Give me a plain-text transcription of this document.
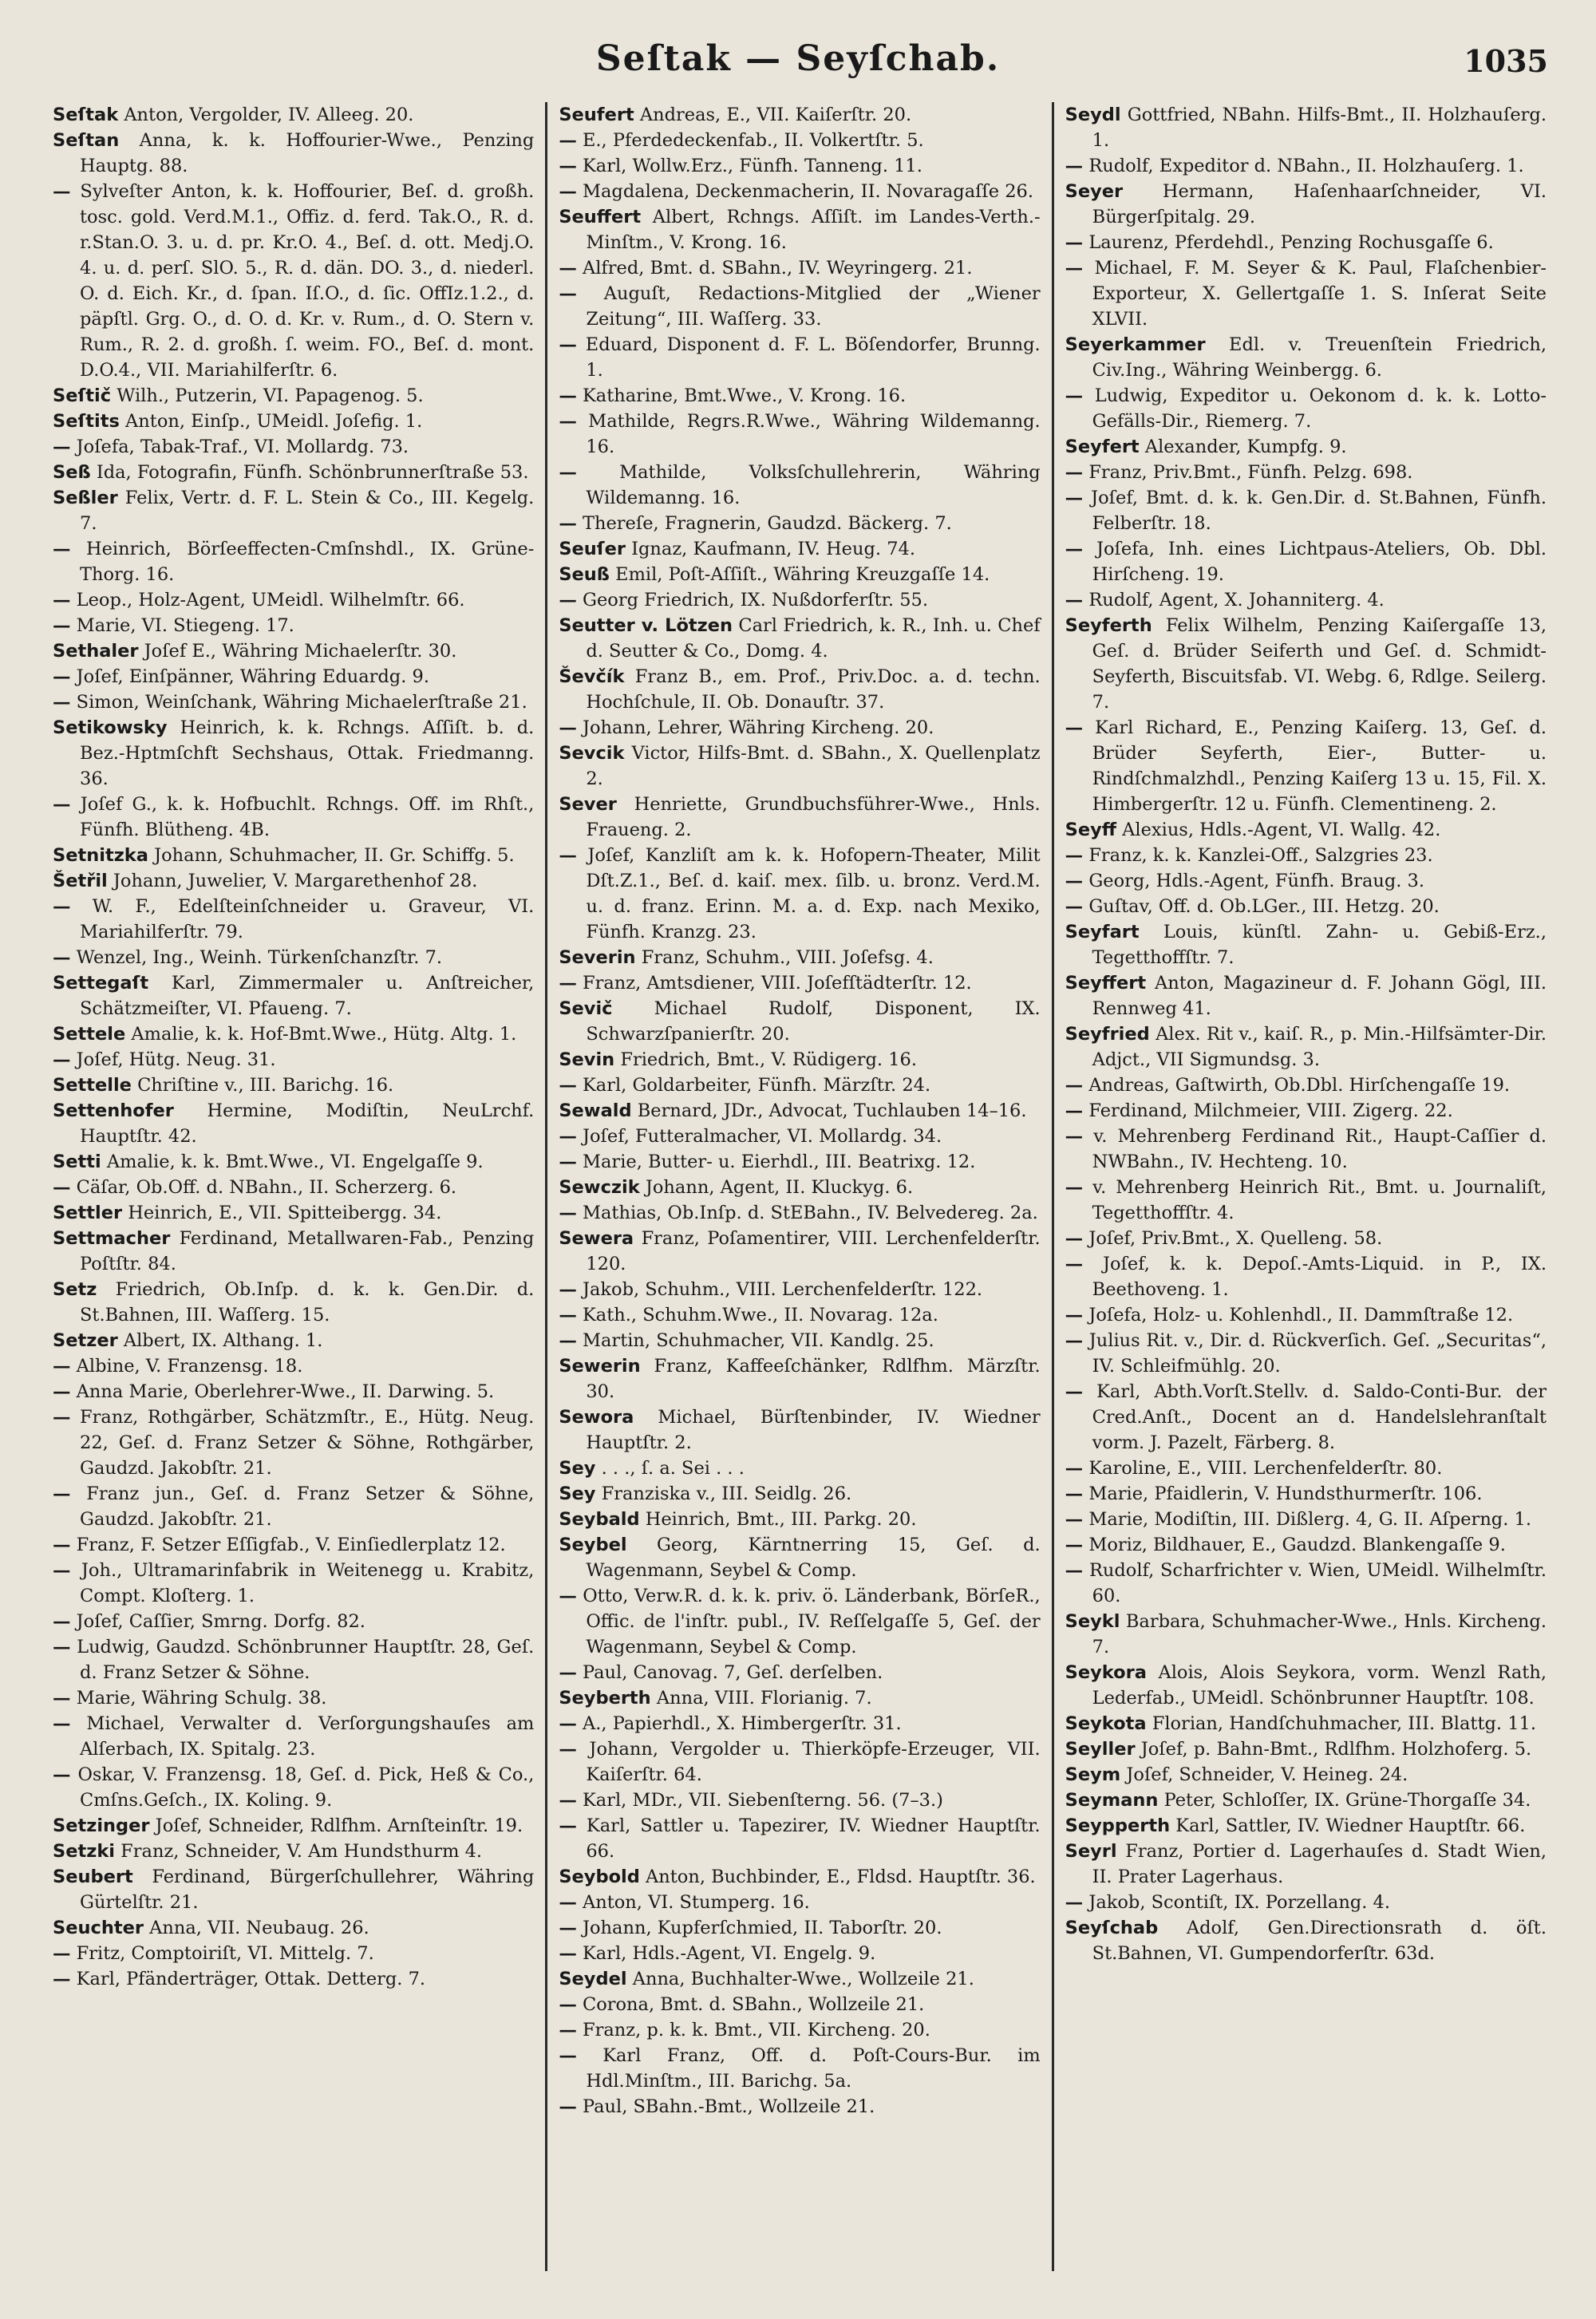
Seſtak — Seyſchab.	1035

Seſtak Anton, Vergolder, IV. Alleeg. 20.

Seſtan Anna, k. k. Hoffourier-Wwe., Penzing Hauptg. 88.

— Sylveſter Anton, k. k. Hoffourier, Beſ. d. großh. tosc. gold. Verd.M.1., Offiz. d. ferd. Tak.O., R. d. r.Stan.O. 3. u. d. pr. Kr.O. 4., Beſ. d. ott. Medj.O. 4. u. d. perſ. SlO. 5., R. d. dän. DO. 3., d. niederl. O. d. Eich. Kr., d. ſpan. Iſ.O., d. ſic. OffIz.1.2., d. päpſtl. Grg. O., d. O. d. Kr. v. Rum., d. O. Stern v. Rum., R. 2. d. großh. ſ. weim. FO., Beſ. d. mont. D.O.4., VII. Mariahilferſtr. 6.

Seſtič Wilh., Putzerin, VI. Papagenog. 5.

Seſtits Anton, Einſp., UMeidl. Joſefig. 1.

— Joſefa, Tabak-Traf., VI. Mollardg. 73.

Seß Ida, Fotografin, Fünfh. Schönbrunnerſtraße 53.

Seßler Felix, Vertr. d. F. L. Stein & Co., III. Kegelg. 7.

— Heinrich, Börſeeffecten-Cmſnshdl., IX. Grüne-Thorg. 16.

— Leop., Holz-Agent, UMeidl. Wilhelmſtr. 66.

— Marie, VI. Stiegeng. 17.

Sethaler Joſef E., Währing Michaelerſtr. 30.

— Joſef, Einſpänner, Währing Eduardg. 9.

— Simon, Weinſchank, Währing Michaelerſtraße 21.

Setikowsky Heinrich, k. k. Rchngs. Aſſiſt. b. d. Bez.-Hptmſchft Sechshaus, Ottak. Friedmanng. 36.

— Joſef G., k. k. Hofbuchlt. Rchngs. Off. im Rhſt., Fünfh. Blütheng. 4B.

Setnitzka Johann, Schuhmacher, II. Gr. Schiffg. 5.

Šetřil Johann, Juwelier, V. Margarethenhof 28.

— W. F., Edelſteinſchneider u. Graveur, VI. Mariahilferſtr. 79.

— Wenzel, Ing., Weinh. Türkenſchanzſtr. 7.

Settegaſt Karl, Zimmermaler u. Anſtreicher, Schätzmeiſter, VI. Pfaueng. 7.

Settele Amalie, k. k. Hof-Bmt.Wwe., Hütg. Altg. 1.

— Joſef, Hütg. Neug. 31.

Settelle Chriſtine v., III. Barichg. 16.

Settenhofer Hermine, Modiſtin, NeuLrchf. Hauptſtr. 42.

Setti Amalie, k. k. Bmt.Wwe., VI. Engelgaſſe 9.

— Cäſar, Ob.Off. d. NBahn., II. Scherzerg. 6.

Settler Heinrich, E., VII. Spitteibergg. 34.

Settmacher Ferdinand, Metallwaren-Fab., Penzing Poſtſtr. 84.

Setz Friedrich, Ob.Inſp. d. k. k. Gen.Dir. d. St.Bahnen, III. Waſſerg. 15.

Setzer Albert, IX. Althang. 1.

— Albine, V. Franzensg. 18.

— Anna Marie, Oberlehrer-Wwe., II. Darwing. 5.

— Franz, Rothgärber, Schätzmſtr., E., Hütg. Neug. 22, Geſ. d. Franz Setzer & Söhne, Rothgärber, Gaudzd. Jakobſtr. 21.

— Franz jun., Geſ. d. Franz Setzer & Söhne, Gaudzd. Jakobſtr. 21.

— Franz, F. Setzer Eſſigfab., V. Einſiedlerplatz 12.

— Joh., Ultramarinfabrik in Weitenegg u. Krabitz, Compt. Kloſterg. 1.

— Joſef, Caſſier, Smrng. Dorfg. 82.

— Ludwig, Gaudzd. Schönbrunner Hauptſtr. 28, Geſ. d. Franz Setzer & Söhne.

— Marie, Währing Schulg. 38.

— Michael, Verwalter d. Verſorgungshauſes am Alſerbach, IX. Spitalg. 23.

— Oskar, V. Franzensg. 18, Geſ. d. Pick, Heß & Co., Cmſns.Geſch., IX. Koling. 9.

Setzinger Joſef, Schneider, Rdlfhm. Arnſteinſtr. 19.

Setzki Franz, Schneider, V. Am Hundsthurm 4.

Seubert Ferdinand, Bürgerſchullehrer, Währing Gürtelſtr. 21.

Seuchter Anna, VII. Neubaug. 26.

— Fritz, Comptoiriſt, VI. Mittelg. 7.

— Karl, Pfänderträger, Ottak. Detterg. 7.

Seufert Andreas, E., VII. Kaiſerſtr. 20.

— E., Pferdedeckenfab., II. Volkertſtr. 5.

— Karl, Wollw.Erz., Fünfh. Tanneng. 11.

— Magdalena, Deckenmacherin, II. Novaragaſſe 26.

Seuffert Albert, Rchngs. Aſſiſt. im Landes-Verth.-Minſtm., V. Krong. 16.

— Alfred, Bmt. d. SBahn., IV. Weyringerg. 21.

— Auguſt, Redactions-Mitglied der „Wiener Zeitung“, III. Waſſerg. 33.

— Eduard, Disponent d. F. L. Böſendorfer, Brunng. 1.

— Katharine, Bmt.Wwe., V. Krong. 16.

— Mathilde, Regrs.R.Wwe., Währing Wildemanng. 16.

— Mathilde, Volksſchullehrerin, Währing Wildemanng. 16.

— Thereſe, Fragnerin, Gaudzd. Bäckerg. 7.

Seuſer Ignaz, Kaufmann, IV. Heug. 74.

Seuß Emil, Poſt-Aſſiſt., Währing Kreuzgaſſe 14.

— Georg Friedrich, IX. Nußdorferſtr. 55.

Seutter v. Lötzen Carl Friedrich, k. R., Inh. u. Chef d. Seutter & Co., Domg. 4.

Ševčík Franz B., em. Prof., Priv.Doc. a. d. techn. Hochſchule, II. Ob. Donauſtr. 37.

— Johann, Lehrer, Währing Kircheng. 20.

Sevcik Victor, Hilfs-Bmt. d. SBahn., X. Quellenplatz 2.

Sever Henriette, Grundbuchsführer-Wwe., Hnls. Fraueng. 2.

— Joſef, Kanzliſt am k. k. Hofopern-Theater, Milit Dſt.Z.1., Beſ. d. kaiſ. mex. ſilb. u. bronz. Verd.M. u. d. franz. Erinn. M. a. d. Exp. nach Mexiko, Fünfh. Kranzg. 23.

Severin Franz, Schuhm., VIII. Joſefsg. 4.

— Franz, Amtsdiener, VIII. Joſefſtädterſtr. 12.

Sevič Michael Rudolf, Disponent, IX. Schwarzſpanierſtr. 20.

Sevin Friedrich, Bmt., V. Rüdigerg. 16.

— Karl, Goldarbeiter, Fünfh. Märzſtr. 24.

Sewald Bernard, JDr., Advocat, Tuchlauben 14–16.

— Joſef, Futteralmacher, VI. Mollardg. 34.

— Marie, Butter- u. Eierhdl., III. Beatrixg. 12.

Sewczik Johann, Agent, II. Kluckyg. 6.

— Mathias, Ob.Inſp. d. StEBahn., IV. Belvedereg. 2a.

Sewera Franz, Poſamentirer, VIII. Lerchenfelderſtr. 120.

— Jakob, Schuhm., VIII. Lerchenfelderſtr. 122.

— Kath., Schuhm.Wwe., II. Novarag. 12a.

— Martin, Schuhmacher, VII. Kandlg. 25.

Sewerin Franz, Kaffeeſchänker, Rdlfhm. Märzſtr. 30.

Sewora Michael, Bürſtenbinder, IV. Wiedner Hauptſtr. 2.

Sey . . ., ſ. a. Sei . . .

Sey Franziska v., III. Seidlg. 26.

Seybald Heinrich, Bmt., III. Parkg. 20.

Seybel Georg, Kärntnerring 15, Geſ. d. Wagenmann, Seybel & Comp.

— Otto, Verw.R. d. k. k. priv. ö. Länderbank, BörſeR., Offic. de l'inſtr. publ., IV. Reſſelgaſſe 5, Geſ. der Wagenmann, Seybel & Comp.

— Paul, Canovag. 7, Geſ. derſelben.

Seyberth Anna, VIII. Florianig. 7.

— A., Papierhdl., X. Himbergerſtr. 31.

— Johann, Vergolder u. Thierköpfe-Erzeuger, VII. Kaiſerſtr. 64.

— Karl, MDr., VII. Siebenſterng. 56. (7–3.)

— Karl, Sattler u. Tapezirer, IV. Wiedner Hauptſtr. 66.

Seybold Anton, Buchbinder, E., Fldsd. Hauptſtr. 36.

— Anton, VI. Stumperg. 16.

— Johann, Kupferſchmied, II. Taborſtr. 20.

— Karl, Hdls.-Agent, VI. Engelg. 9.

Seydel Anna, Buchhalter-Wwe., Wollzeile 21.

— Corona, Bmt. d. SBahn., Wollzeile 21.

— Franz, p. k. k. Bmt., VII. Kircheng. 20.

— Karl Franz, Off. d. Poſt-Cours-Bur. im Hdl.Minſtm., III. Barichg. 5a.

— Paul, SBahn.-Bmt., Wollzeile 21.

Seydl Gottfried, NBahn. Hilfs-Bmt., II. Holzhauſerg. 1.

— Rudolf, Expeditor d. NBahn., II. Holzhauſerg. 1.

Seyer Hermann, Haſenhaarſchneider, VI. Bürgerſpitalg. 29.

— Laurenz, Pferdehdl., Penzing Rochusgaſſe 6.

— Michael, F. M. Seyer & K. Paul, Flaſchenbier-Exporteur, X. Gellertgaſſe 1. S. Inſerat Seite XLVII.

Seyerkammer Edl. v. Treuenſtein Friedrich, Civ.Ing., Währing Weinbergg. 6.

— Ludwig, Expeditor u. Oekonom d. k. k. Lotto-Gefälls-Dir., Riemerg. 7.

Seyfert Alexander, Kumpfg. 9.

— Franz, Priv.Bmt., Fünfh. Pelzg. 698.

— Joſef, Bmt. d. k. k. Gen.Dir. d. St.Bahnen, Fünfh. Felberſtr. 18.

— Joſefa, Inh. eines Lichtpaus-Ateliers, Ob. Dbl. Hirſcheng. 19.

— Rudolf, Agent, X. Johanniterg. 4.

Seyferth Felix Wilhelm, Penzing Kaiſergaſſe 13, Geſ. d. Brüder Seiferth und Geſ. d. Schmidt-Seyferth, Biscuitsfab. VI. Webg. 6, Rdlge. Seilerg. 7.

— Karl Richard, E., Penzing Kaiſerg. 13, Geſ. d. Brüder Seyferth, Eier-, Butter- u. Rindſchmalzhdl., Penzing Kaiſerg 13 u. 15, Fil. X. Himbergerſtr. 12 u. Fünfh. Clementineng. 2.

Seyff Alexius, Hdls.-Agent, VI. Wallg. 42.

— Franz, k. k. Kanzlei-Off., Salzgries 23.

— Georg, Hdls.-Agent, Fünfh. Braug. 3.

— Guſtav, Off. d. Ob.LGer., III. Hetzg. 20.

Seyfart Louis, künſtl. Zahn- u. Gebiß-Erz., Tegetthoffſtr. 7.

Seyffert Anton, Magazineur d. F. Johann Gögl, III. Rennweg 41.

Seyfried Alex. Rit v., kaiſ. R., p. Min.-Hilfsämter-Dir. Adjct., VII Sigmundsg. 3.

— Andreas, Gaſtwirth, Ob.Dbl. Hirſchengaſſe 19.

— Ferdinand, Milchmeier, VIII. Zigerg. 22.

— v. Mehrenberg Ferdinand Rit., Haupt-Caſſier d. NWBahn., IV. Hechteng. 10.

— v. Mehrenberg Heinrich Rit., Bmt. u. Journaliſt, Tegetthoffſtr. 4.

— Joſef, Priv.Bmt., X. Quelleng. 58.

— Joſef, k. k. Depoſ.-Amts-Liquid. in P., IX. Beethoveng. 1.

— Joſefa, Holz- u. Kohlenhdl., II. Dammſtraße 12.

— Julius Rit. v., Dir. d. Rückverſich. Geſ. „Securitas“, IV. Schleifmühlg. 20.

— Karl, Abth.Vorſt.Stellv. d. Saldo-Conti-Bur. der Cred.Anſt., Docent an d. Handelslehranſtalt vorm. J. Pazelt, Färberg. 8.

— Karoline, E., VIII. Lerchenfelderſtr. 80.

— Marie, Pfaidlerin, V. Hundsthurmerſtr. 106.

— Marie, Modiſtin, III. Dißlerg. 4, G. II. Aſperng. 1.

— Moriz, Bildhauer, E., Gaudzd. Blankengaſſe 9.

— Rudolf, Scharfrichter v. Wien, UMeidl. Wilhelmſtr. 60.

Seykl Barbara, Schuhmacher-Wwe., Hnls. Kircheng. 7.

Seykora Alois, Alois Seykora, vorm. Wenzl Rath, Lederfab., UMeidl. Schönbrunner Hauptſtr. 108.

Seykota Florian, Handſchuhmacher, III. Blattg. 11.

Seyller Joſef, p. Bahn-Bmt., Rdlfhm. Holzhoferg. 5.

Seym Joſef, Schneider, V. Heineg. 24.

Seymann Peter, Schloſſer, IX. Grüne-Thorgaſſe 34.

Seypperth Karl, Sattler, IV. Wiedner Hauptſtr. 66.

Seyrl Franz, Portier d. Lagerhauſes d. Stadt Wien, II. Prater Lagerhaus.

— Jakob, Scontiſt, IX. Porzellang. 4.

Seyſchab Adolf, Gen.Directionsrath d. öſt. St.Bahnen, VI. Gumpendorferſtr. 63d.
